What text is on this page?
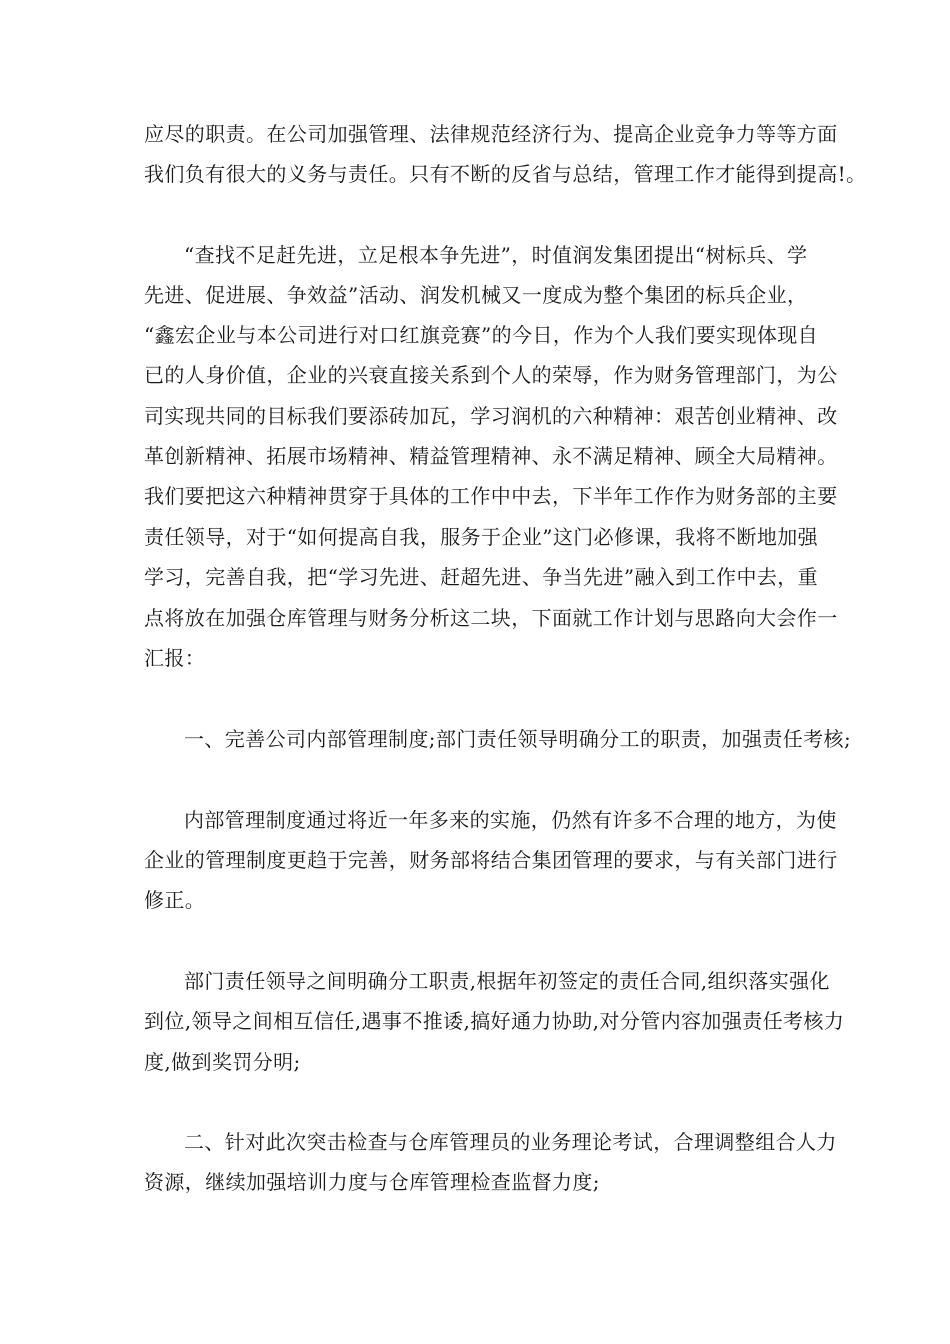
应尽的职责。在公司加强管理、法律规范经济行为、提高企业竞争力等等方面
我们负有很大的义务与责任。只有不断的反省与总结，管理工作才能得到提高!。
“查找不足赶先进，立足根本争先进”，时值润发集团提出“树标兵、学
先进、促进展、争效益”活动、润发机械又一度成为整个集团的标兵企业，
“鑫宏企业与本公司进行对口红旗竞赛”的今日，作为个人我们要实现体现自
已的人身价值，企业的兴衰直接关系到个人的荣辱，作为财务管理部门，为公
司实现共同的目标我们要添砖加瓦，学习润机的六种精神：艰苦创业精神、改
革创新精神、拓展市场精神、精益管理精神、永不满足精神、顾全大局精神。
我们要把这六种精神贯穿于具体的工作中中去，下半年工作作为财务部的主要
责任领导，对于“如何提高自我，服务于企业”这门必修课，我将不断地加强
学习，完善自我，把“学习先进、赶超先进、争当先进”融入到工作中去，重
点将放在加强仓库管理与财务分析这二块，下面就工作计划与思路向大会作一
汇报：
一、完善公司内部管理制度;部门责任领导明确分工的职责，加强责任考核;
内部管理制度通过将近一年多来的实施，仍然有许多不合理的地方，为使
企业的管理制度更趋于完善，财务部将结合集团管理的要求，与有关部门进行
修正。
部门责任领导之间明确分工职责,根据年初签定的责任合同,组织落实强化
到位,领导之间相互信任,遇事不推诿,搞好通力协助,对分管内容加强责任考核力
度,做到奖罚分明;
二、针对此次突击检查与仓库管理员的业务理论考试，合理调整组合人力
资源，继续加强培训力度与仓库管理检查监督力度;
